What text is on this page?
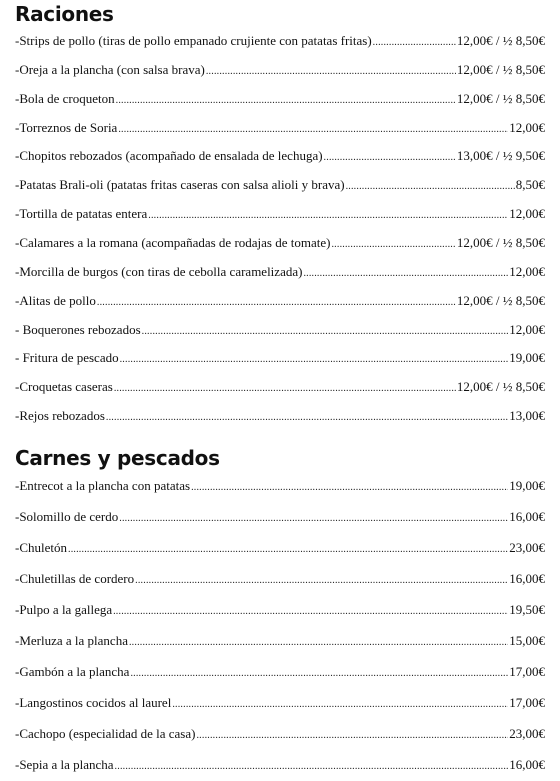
Raciones
-Strips de pollo (tiras de pollo empanado crujiente con patatas fritas) .....	12,00€ / ½ 8,50€
-Oreja a la plancha (con salsa brava) .....	12,00€ / ½ 8,50€
-Bola de croqueton .....	12,00€ / ½ 8,50€
-Torreznos de Soria .....	12,00€
-Chopitos rebozados (acompañado de ensalada de lechuga) .....	13,00€ / ½ 9,50€
-Patatas Brali-oli (patatas fritas caseras con salsa alioli y brava) .....	8,50€
-Tortilla de patatas entera .....	12,00€
-Calamares a la romana (acompañadas de rodajas de tomate) .....	12,00€ / ½ 8,50€
-Morcilla de burgos (con tiras de cebolla caramelizada) .....	12,00€
-Alitas de pollo .....	12,00€ / ½ 8,50€
- Boquerones rebozados .....	12,00€
- Fritura de pescado .....	19,00€
-Croquetas caseras .....	12,00€ / ½ 8,50€
-Rejos rebozados .....	13,00€
Carnes y pescados
-Entrecot a la plancha con patatas .....	19,00€
-Solomillo de cerdo .....	16,00€
-Chuletón .....	23,00€
-Chuletillas de cordero .....	16,00€
-Pulpo a la gallega .....	19,50€
-Merluza a la plancha .....	15,00€
-Gambón a la plancha .....	17,00€
-Langostinos cocidos al laurel .....	17,00€
-Cachopo (especialidad de la casa) .....	23,00€
-Sepia a la plancha .....	16,00€
